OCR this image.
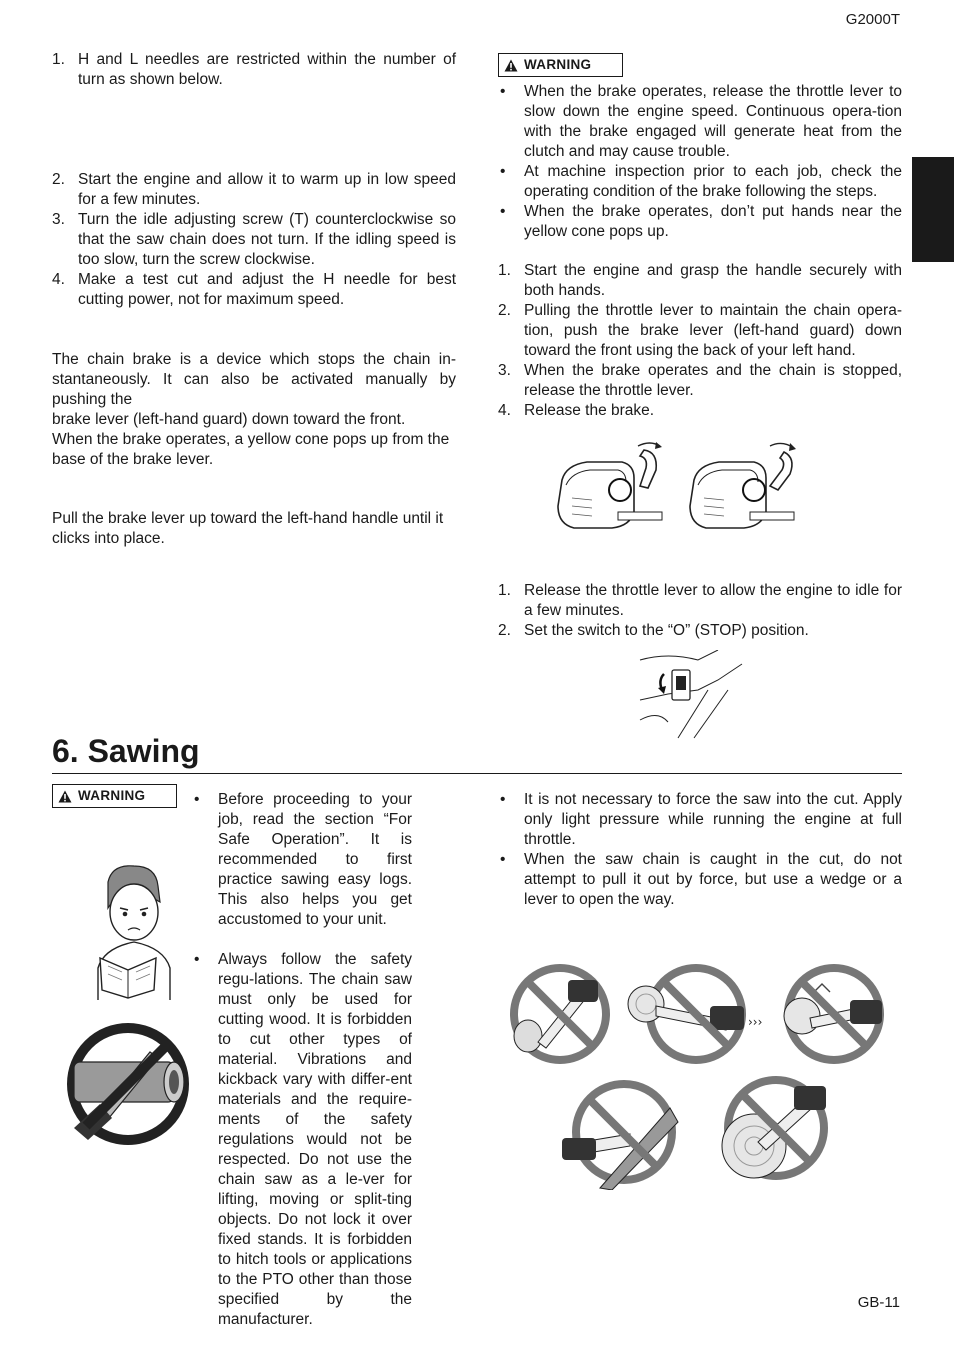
G2000T
GB-11
1. H and L needles are restricted within the number of turn as shown below.
2. Start the engine and allow it to warm up in low speed for a few minutes.
3. Turn the idle adjusting screw (T) counterclockwise so that the saw chain does not turn. If the idling speed is too slow, turn the screw clockwise.
4. Make a test cut and adjust the H needle for best cutting power, not for maximum speed.

The chain brake is a device which stops the chain in-stantaneously. It can also be activated manually by pushing the

brake lever (left-hand guard) down toward the front.

When the brake operates, a yellow cone pops up from the base of the brake lever.

Pull the brake lever up toward the left-hand handle until it clicks into place.

WARNING
• When the brake operates, release the throttle lever to slow down the engine speed. Continuous opera-tion with the brake engaged will generate heat from the clutch and may cause trouble.
• At machine inspection prior to each job, check the operating condition of the brake following the steps.
• When the brake operates, don’t put hands near the yellow cone pops up.
1. Start the engine and grasp the handle securely with both hands.
2. Pulling the throttle lever to maintain the chain opera-tion, push the brake lever (left-hand guard) down toward the front using the back of your left hand.
3. When the brake operates and the chain is stopped, release the throttle lever.
4. Release the brake.
1. Release the throttle lever to allow the engine to idle for a few minutes.
2. Set the switch to the “O” (STOP) position.
6. Sawing
WARNING	• Before proceeding to your job, read the section “For Safe Operation”. It is recommended to first practice sawing easy logs. This also helps you get accustomed to your unit.
• Always follow the safety regu-lations. The chain saw must only be used for cutting wood. It is forbidden to cut other types of material. Vibrations and kickback vary with differ-ent materials and the require-ments of the safety regulations would not be respected. Do not use the chain saw as a le-ver for lifting, moving or split-ting objects. Do not lock it over fixed stands. It is forbidden to hitch tools or applications to the PTO other than those specified by the manufacturer.
• It is not necessary to force the saw into the cut. Apply only light pressure while running the engine at full throttle.
• When the saw chain is caught in the cut, do not attempt to pull it out by force, but use a wedge or a lever to open the way.
›››
